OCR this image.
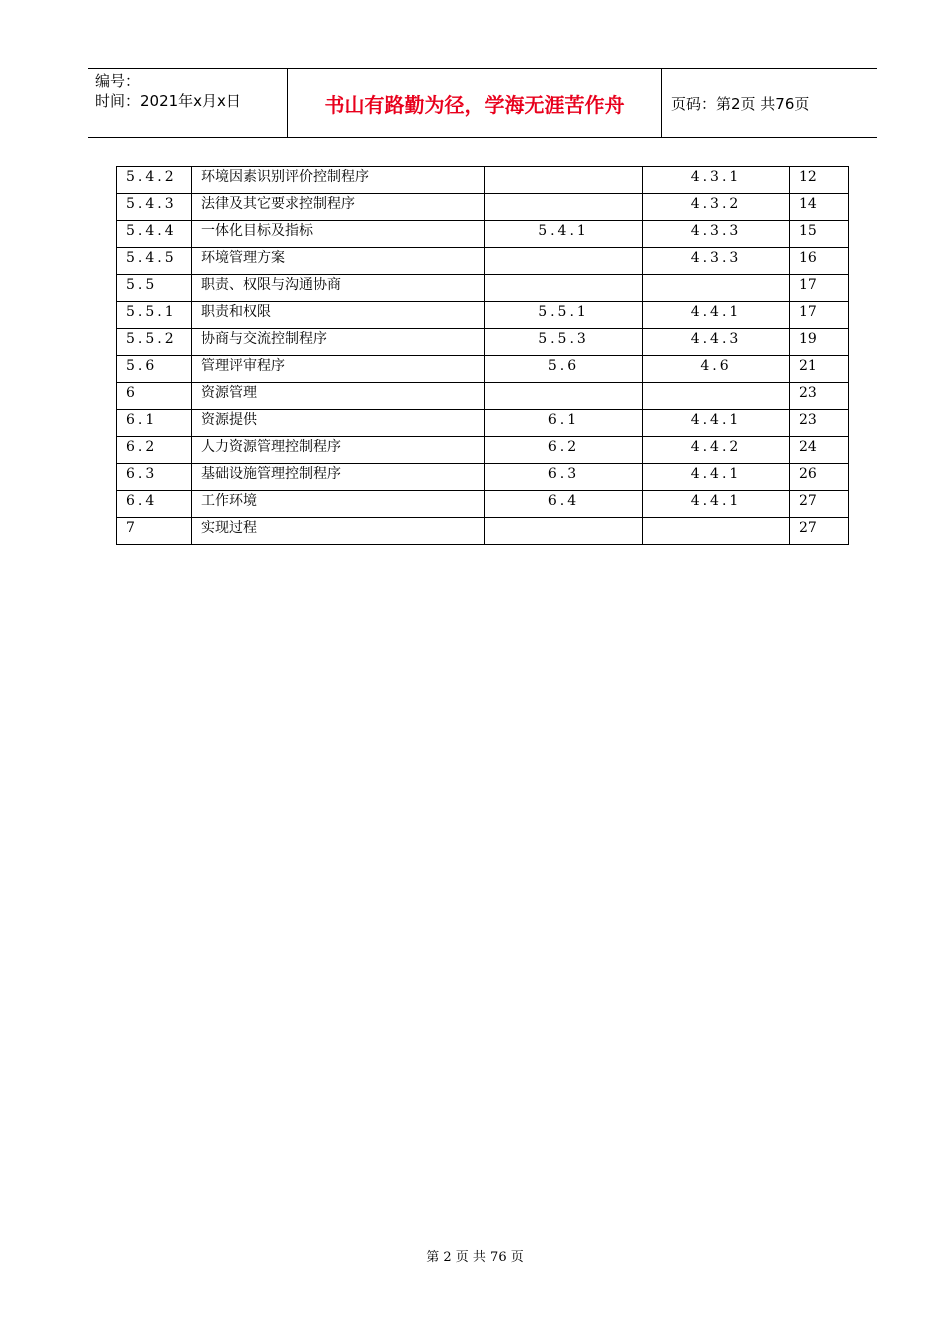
编号：
时间：2021年x月x日	书山有路勤为径，学海无涯苦作舟	页码：第2页 共76页
5.4.2	环境因素识别评价控制程序		4.3.1	12
5.4.3	法律及其它要求控制程序		4.3.2	14
5.4.4	一体化目标及指标	5.4.1	4.3.3	15
5.4.5	环境管理方案		4.3.3	16
5.5	职责、权限与沟通协商			17
5.5.1	职责和权限	5.5.1	4.4.1	17
5.5.2	协商与交流控制程序	5.5.3	4.4.3	19
5.6	管理评审程序	5.6	4.6	21
6	资源管理			23
6.1	资源提供	6.1	4.4.1	23
6.2	人力资源管理控制程序	6.2	4.4.2	24
6.3	基础设施管理控制程序	6.3	4.4.1	26
6.4	工作环境	6.4	4.4.1	27
7	实现过程			27
第 2 页 共 76 页
